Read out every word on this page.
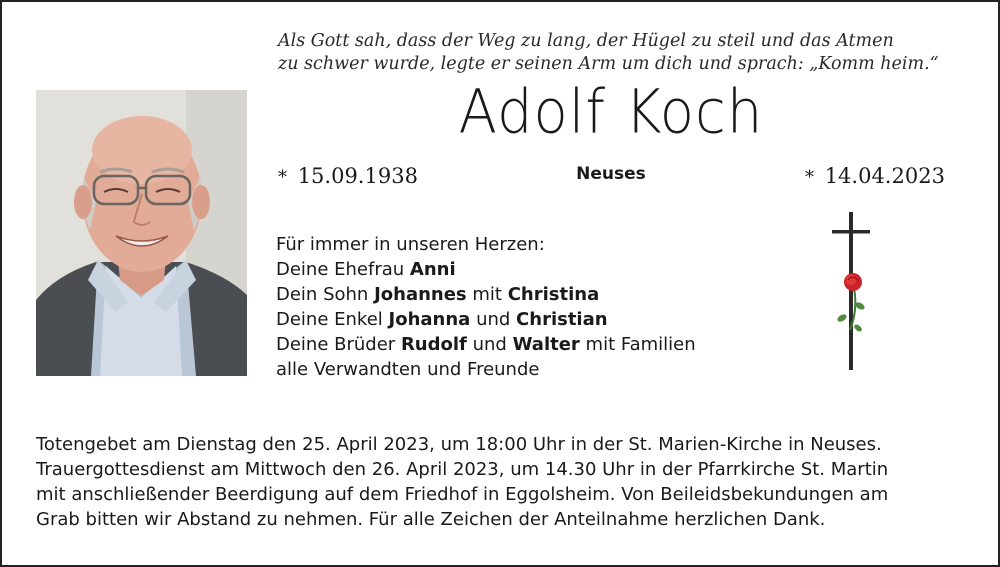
Als Gott sah, dass der Weg zu lang, der Hügel zu steil und das Atmen
zu schwer wurde, legte er seinen Arm um dich und sprach: „Komm heim.“
Adolf Koch
* 15.09.1938	Neuses	* 14.04.2023
Für immer in unseren Herzen:
Deine Ehefrau Anni
Dein Sohn Johannes mit Christina
Deine Enkel Johanna und Christian
Deine Brüder Rudolf und Walter mit Familien
alle Verwandten und Freunde
Totengebet am Dienstag den 25. April 2023, um 18:00 Uhr in der St. Marien-Kirche in Neuses.
Trauergottesdienst am Mittwoch den 26. April 2023, um 14.30 Uhr in der Pfarrkirche St. Martin
mit anschließender Beerdigung auf dem Friedhof in Eggolsheim. Von Beileidsbekundungen am
Grab bitten wir Abstand zu nehmen. Für alle Zeichen der Anteilnahme herzlichen Dank.
